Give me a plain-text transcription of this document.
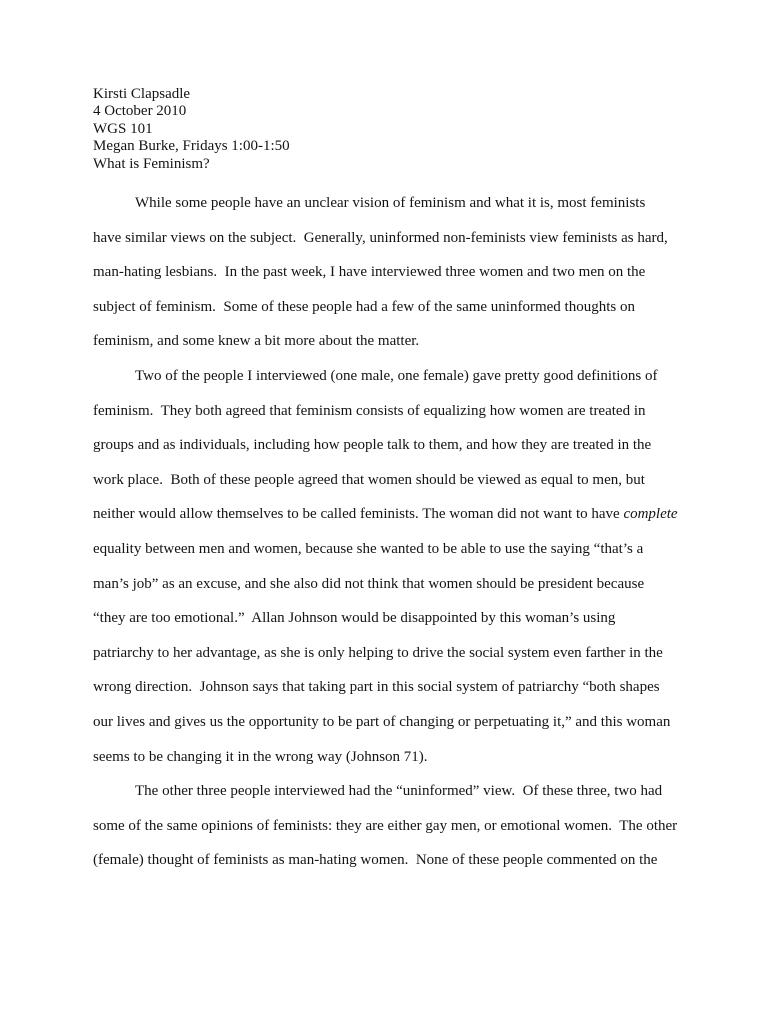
Kirsti Clapsadle
4 October 2010
WGS 101
Megan Burke, Fridays 1:00-1:50
What is Feminism?
While some people have an unclear vision of feminism and what it is, most feminists
have similar views on the subject.  Generally, uninformed non-feminists view feminists as hard,
man-hating lesbians.  In the past week, I have interviewed three women and two men on the
subject of feminism.  Some of these people had a few of the same uninformed thoughts on
feminism, and some knew a bit more about the matter.
Two of the people I interviewed (one male, one female) gave pretty good definitions of
feminism.  They both agreed that feminism consists of equalizing how women are treated in
groups and as individuals, including how people talk to them, and how they are treated in the
work place.  Both of these people agreed that women should be viewed as equal to men, but
neither would allow themselves to be called feminists. The woman did not want to have complete
equality between men and women, because she wanted to be able to use the saying “that’s a
man’s job” as an excuse, and she also did not think that women should be president because
“they are too emotional.”  Allan Johnson would be disappointed by this woman’s using
patriarchy to her advantage, as she is only helping to drive the social system even farther in the
wrong direction.  Johnson says that taking part in this social system of patriarchy “both shapes
our lives and gives us the opportunity to be part of changing or perpetuating it,” and this woman
seems to be changing it in the wrong way (Johnson 71).
The other three people interviewed had the “uninformed” view.  Of these three, two had
some of the same opinions of feminists: they are either gay men, or emotional women.  The other
(female) thought of feminists as man-hating women.  None of these people commented on the
